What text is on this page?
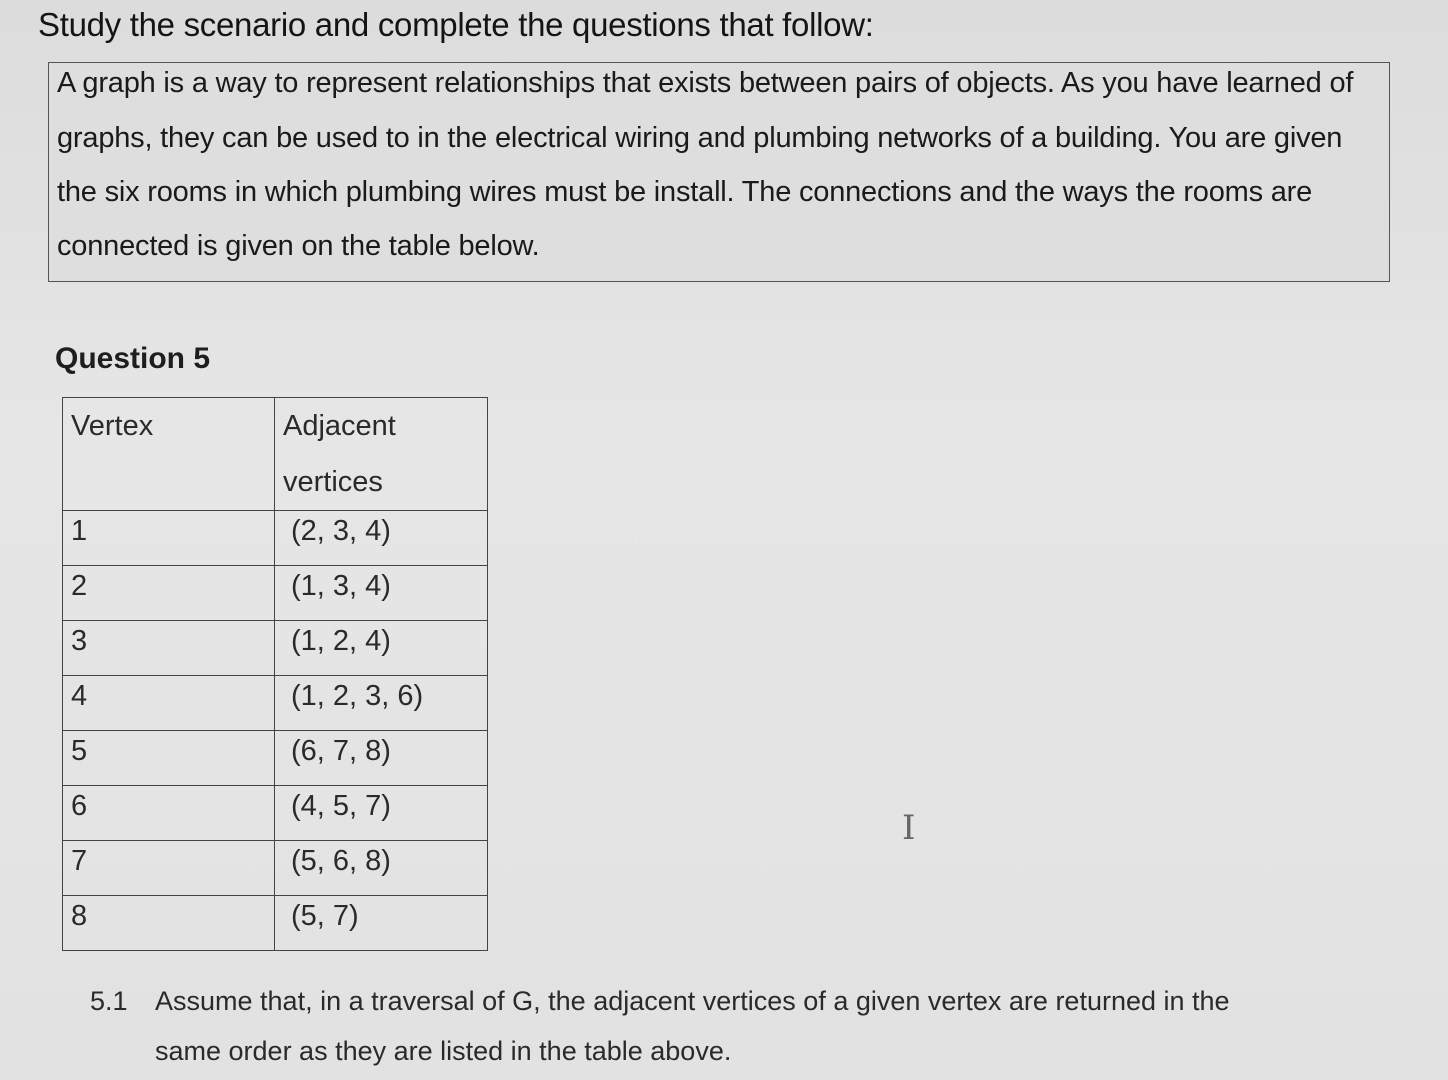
Study the scenario and complete the questions that follow:
A graph is a way to represent relationships that exists between pairs of objects. As you have learned of
graphs, they can be used to in the electrical wiring and plumbing networks of a building. You are given
the six rooms in which plumbing wires must be install. The connections and the ways the rooms are
connected is given on the table below.
Question 5
Vertex	Adjacent
vertices
1	(2, 3, 4)
2	(1, 3, 4)
3	(1, 2, 4)
4	(1, 2, 3, 6)
5	(6, 7, 8)
6	(4, 5, 7)
7	(5, 6, 8)
8	(5, 7)
I
5.1 Assume that, in a traversal of G, the adjacent vertices of a given vertex are returned in the
same order as they are listed in the table above.
